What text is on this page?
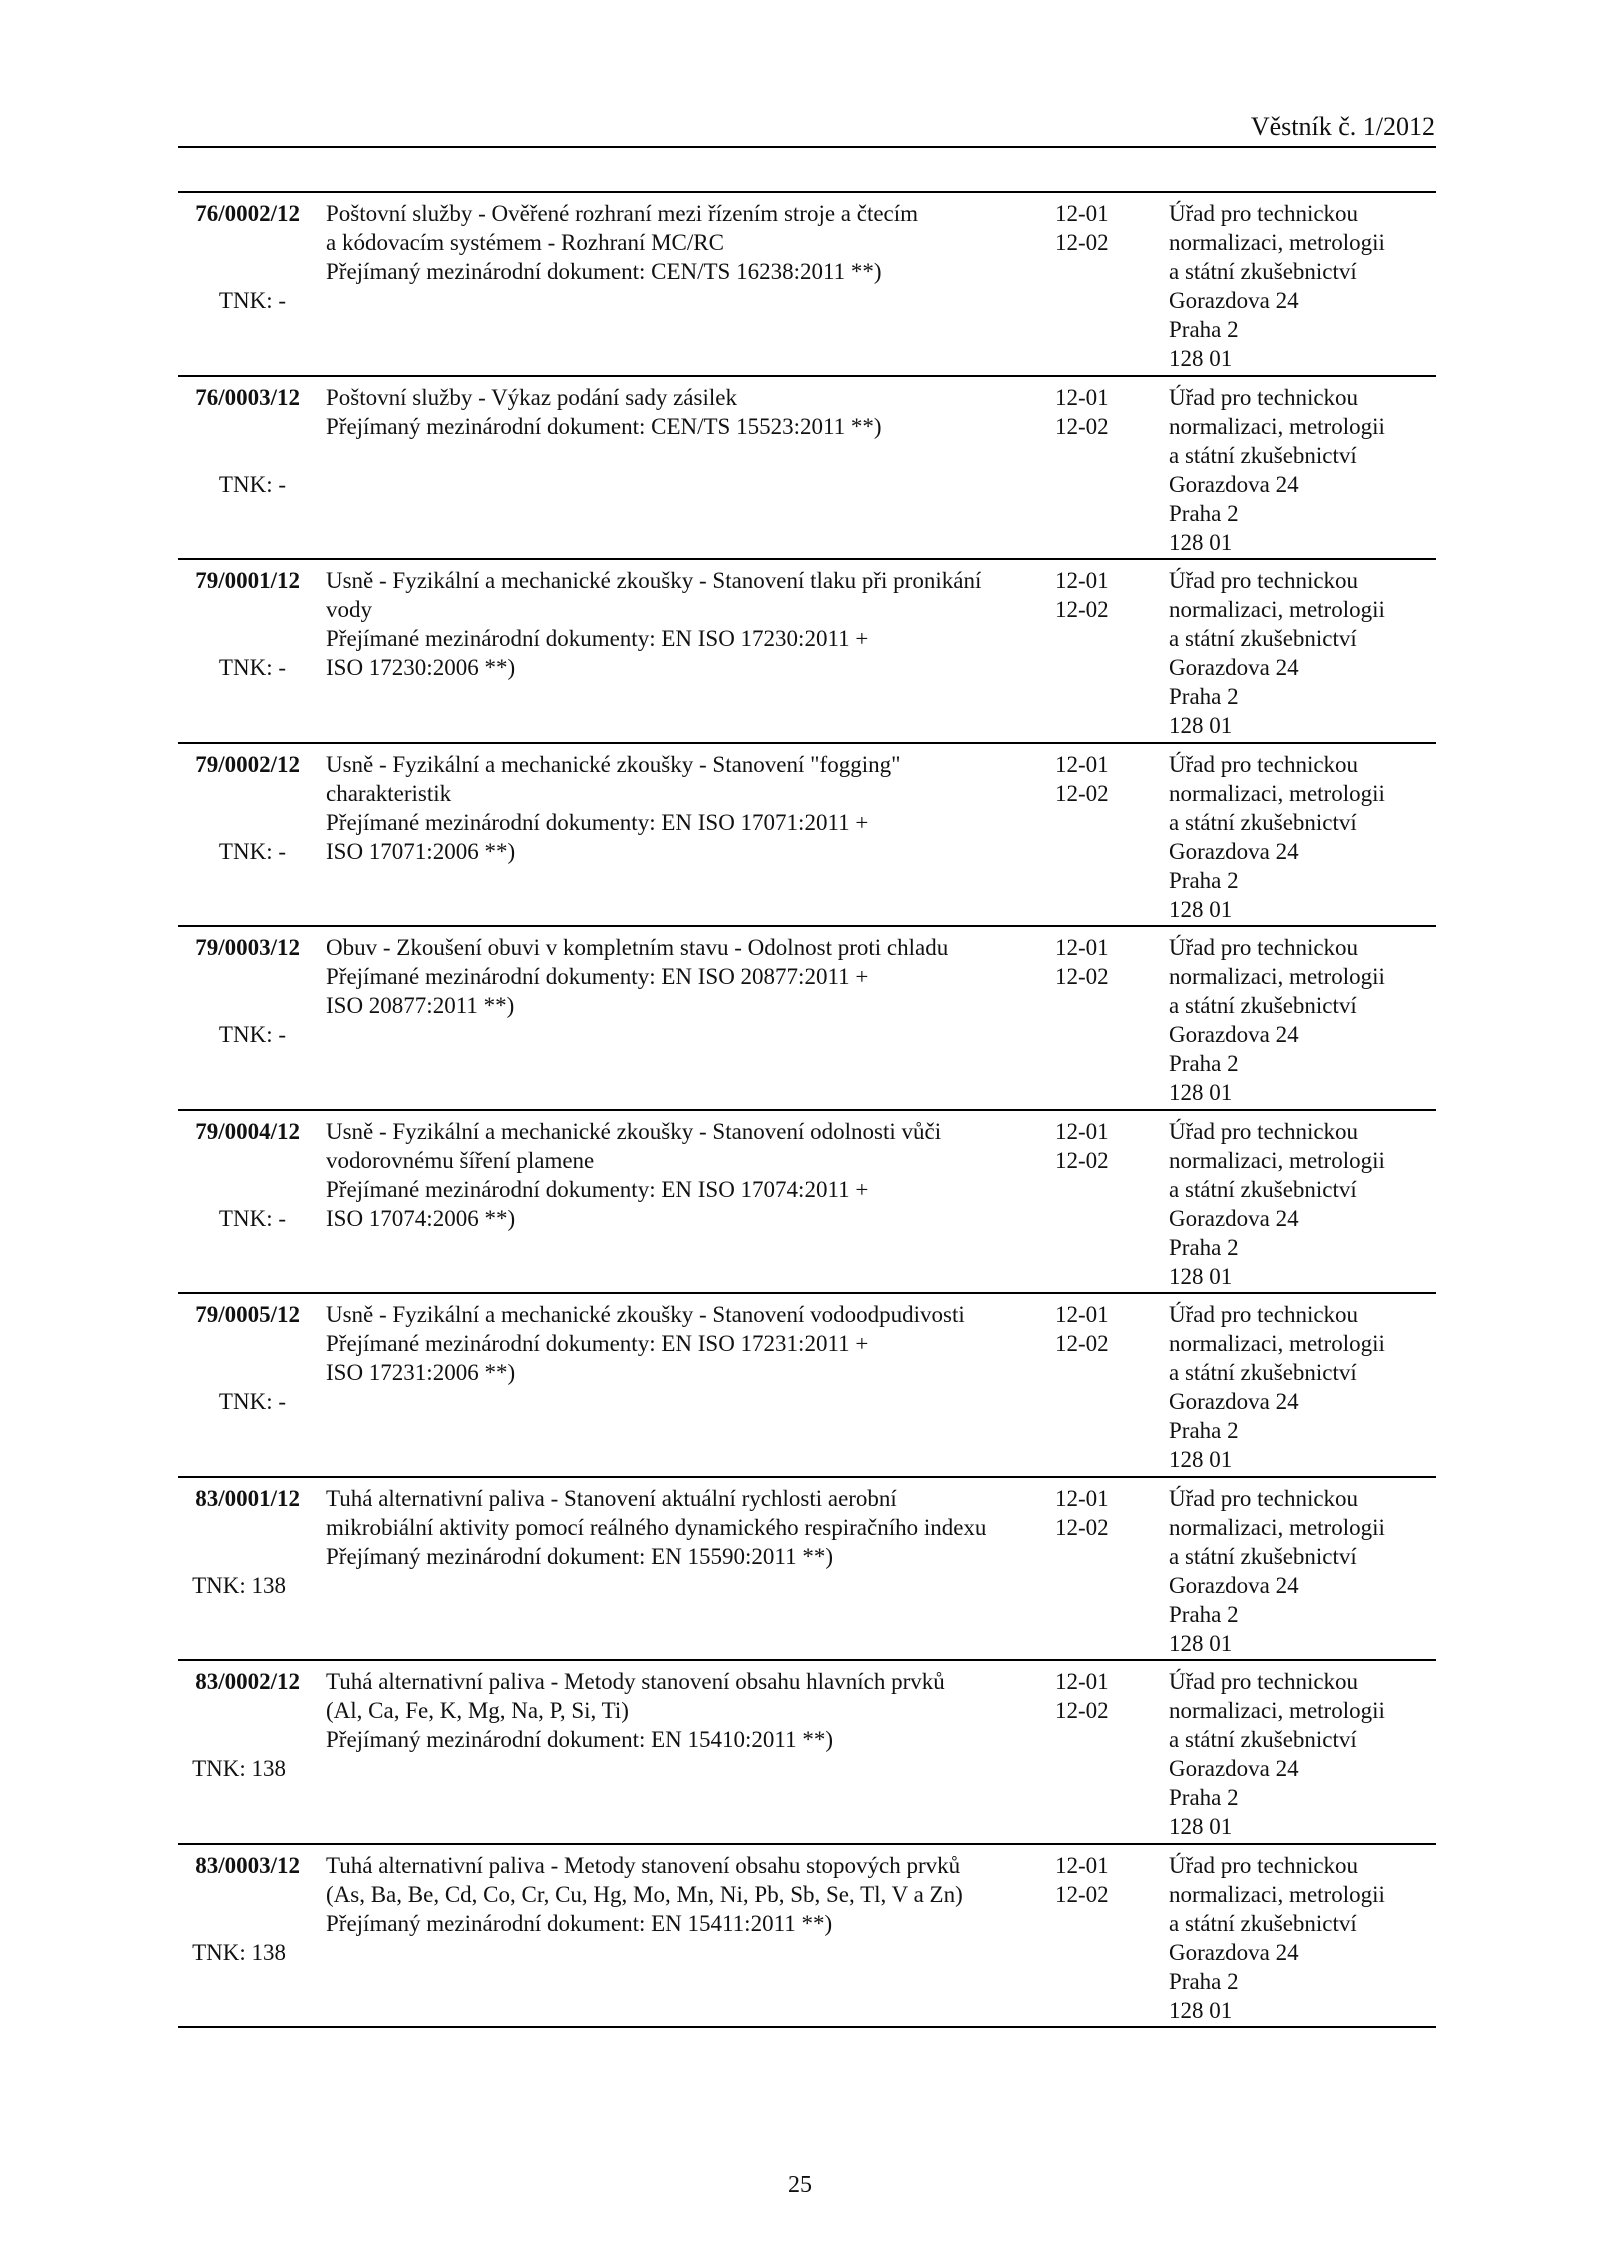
Věstník č. 1/2012
76/0002/12
TNK: -
Poštovní služby - Ověřené rozhraní mezi řízením stroje a čtecím
a kódovacím systémem - Rozhraní MC/RC
Přejímaný mezinárodní dokument: CEN/TS 16238:2011 **)
12-01
12-02
Úřad pro technickou
normalizaci, metrologii
a státní zkušebnictví
Gorazdova 24
Praha 2
128 01
76/0003/12
TNK: -
Poštovní služby - Výkaz podání sady zásilek
Přejímaný mezinárodní dokument: CEN/TS 15523:2011 **)
12-01
12-02
Úřad pro technickou
normalizaci, metrologii
a státní zkušebnictví
Gorazdova 24
Praha 2
128 01
79/0001/12
TNK: -
Usně - Fyzikální a mechanické zkoušky - Stanovení tlaku při pronikání
vody
Přejímané mezinárodní dokumenty: EN ISO 17230:2011 +
ISO 17230:2006 **)
12-01
12-02
Úřad pro technickou
normalizaci, metrologii
a státní zkušebnictví
Gorazdova 24
Praha 2
128 01
79/0002/12
TNK: -
Usně - Fyzikální a mechanické zkoušky - Stanovení "fogging"
charakteristik
Přejímané mezinárodní dokumenty: EN ISO 17071:2011 +
ISO 17071:2006 **)
12-01
12-02
Úřad pro technickou
normalizaci, metrologii
a státní zkušebnictví
Gorazdova 24
Praha 2
128 01
79/0003/12
TNK: -
Obuv - Zkoušení obuvi v kompletním stavu - Odolnost proti chladu
Přejímané mezinárodní dokumenty: EN ISO 20877:2011 +
ISO 20877:2011 **)
12-01
12-02
Úřad pro technickou
normalizaci, metrologii
a státní zkušebnictví
Gorazdova 24
Praha 2
128 01
79/0004/12
TNK: -
Usně - Fyzikální a mechanické zkoušky - Stanovení odolnosti vůči
vodorovnému šíření plamene
Přejímané mezinárodní dokumenty: EN ISO 17074:2011 +
ISO 17074:2006 **)
12-01
12-02
Úřad pro technickou
normalizaci, metrologii
a státní zkušebnictví
Gorazdova 24
Praha 2
128 01
79/0005/12
TNK: -
Usně - Fyzikální a mechanické zkoušky - Stanovení vodoodpudivosti
Přejímané mezinárodní dokumenty: EN ISO 17231:2011 +
ISO 17231:2006 **)
12-01
12-02
Úřad pro technickou
normalizaci, metrologii
a státní zkušebnictví
Gorazdova 24
Praha 2
128 01
83/0001/12
TNK: 138
Tuhá alternativní paliva - Stanovení aktuální rychlosti aerobní
mikrobiální aktivity pomocí reálného dynamického respiračního indexu
Přejímaný mezinárodní dokument: EN 15590:2011 **)
12-01
12-02
Úřad pro technickou
normalizaci, metrologii
a státní zkušebnictví
Gorazdova 24
Praha 2
128 01
83/0002/12
TNK: 138
Tuhá alternativní paliva - Metody stanovení obsahu hlavních prvků
(Al, Ca, Fe, K, Mg, Na, P, Si, Ti)
Přejímaný mezinárodní dokument: EN 15410:2011 **)
12-01
12-02
Úřad pro technickou
normalizaci, metrologii
a státní zkušebnictví
Gorazdova 24
Praha 2
128 01
83/0003/12
TNK: 138
Tuhá alternativní paliva - Metody stanovení obsahu stopových prvků
(As, Ba, Be, Cd, Co, Cr, Cu, Hg, Mo, Mn, Ni, Pb, Sb, Se, Tl, V a Zn)
Přejímaný mezinárodní dokument: EN 15411:2011 **)
12-01
12-02
Úřad pro technickou
normalizaci, metrologii
a státní zkušebnictví
Gorazdova 24
Praha 2
128 01
25
